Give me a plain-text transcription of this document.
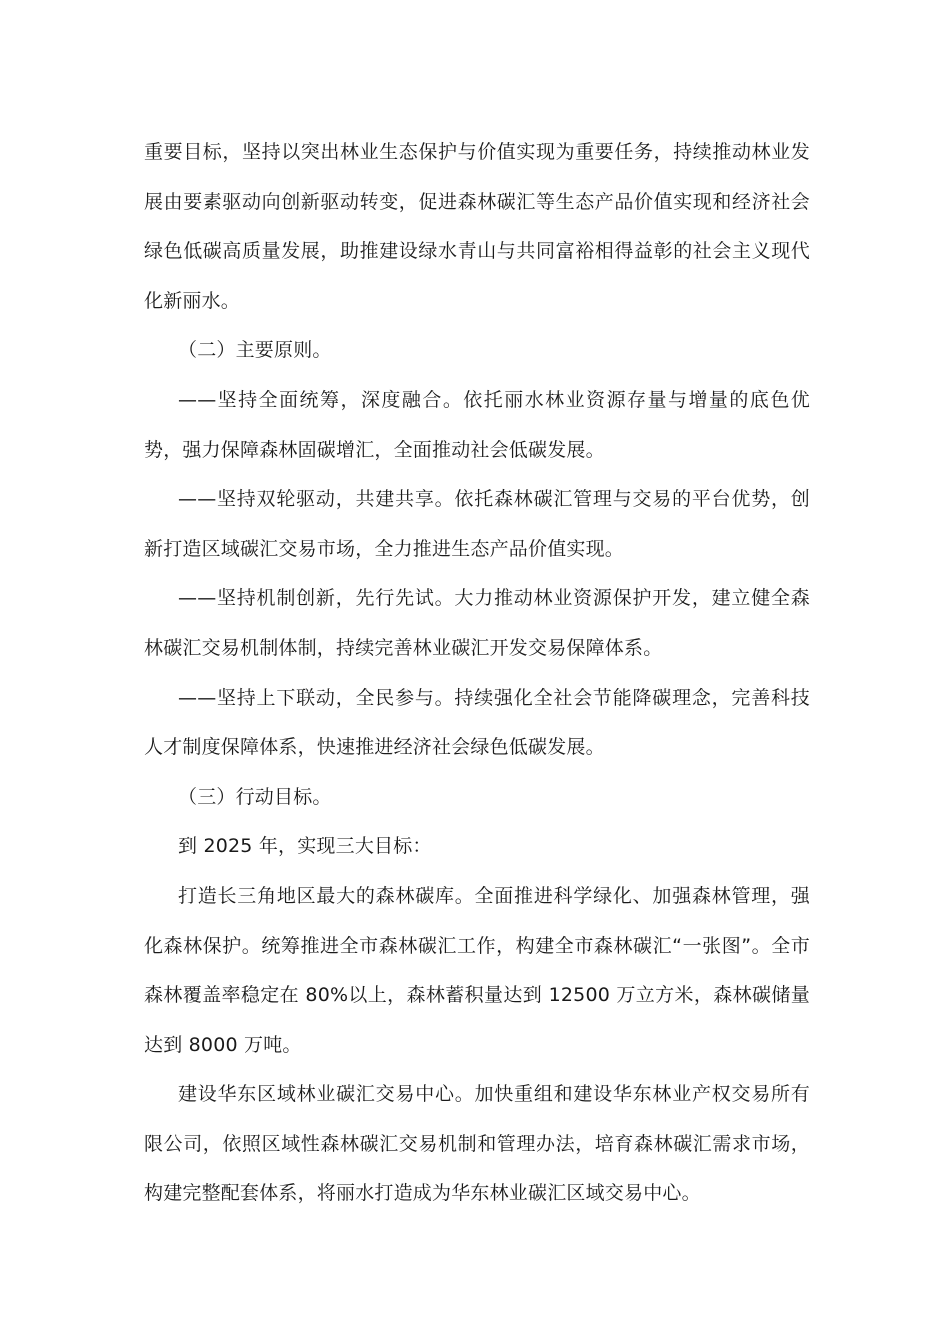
重要目标，坚持以突出林业生态保护与价值实现为重要任务，持续推动林业发展由要素驱动向创新驱动转变，促进森林碳汇等生态产品价值实现和经济社会绿色低碳高质量发展，助推建设绿水青山与共同富裕相得益彰的社会主义现代化新丽水。

（二）主要原则。

——坚持全面统筹，深度融合。依托丽水林业资源存量与增量的底色优势，强力保障森林固碳增汇，全面推动社会低碳发展。

——坚持双轮驱动，共建共享。依托森林碳汇管理与交易的平台优势，创新打造区域碳汇交易市场，全力推进生态产品价值实现。

——坚持机制创新，先行先试。大力推动林业资源保护开发，建立健全森林碳汇交易机制体制，持续完善林业碳汇开发交易保障体系。

——坚持上下联动，全民参与。持续强化全社会节能降碳理念，完善科技人才制度保障体系，快速推进经济社会绿色低碳发展。

（三）行动目标。

到 2025 年，实现三大目标：

打造长三角地区最大的森林碳库。全面推进科学绿化、加强森林管理，强化森林保护。统筹推进全市森林碳汇工作，构建全市森林碳汇“一张图”。全市森林覆盖率稳定在 80%以上，森林蓄积量达到 12500 万立方米，森林碳储量达到 8000 万吨。

建设华东区域林业碳汇交易中心。加快重组和建设华东林业产权交易所有限公司，依照区域性森林碳汇交易机制和管理办法，培育森林碳汇需求市场，构建完整配套体系，将丽水打造成为华东林业碳汇区域交易中心。
